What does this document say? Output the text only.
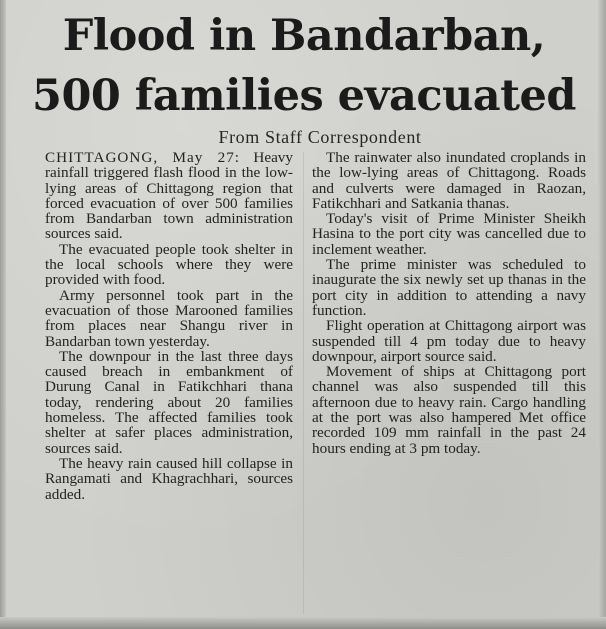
Flood in Bandarban,
500 families evacuated
From Staff Correspondent

CHITTAGONG, May 27: Heavy rainfall triggered flash flood in the low-lying areas of Chittagong region that forced evacuation of over 500 families from Bandarban town administration sources said.

The evacuated people took shelter in the local schools where they were provided with food.

Army personnel took part in the evacuation of those Marooned families from places near Shangu river in Bandarban town yesterday.

The downpour in the last three days caused breach in embankment of Durung Canal in Fatikchhari thana today, rendering about 20 families homeless. The affected families took shelter at safer places administration, sources said.

The heavy rain caused hill collapse in Rangamati and Khagrachhari, sources added.

The rainwater also inundated croplands in the low-lying areas of Chittagong. Roads and culverts were damaged in Raozan, Fatikchhari and Satkania thanas.

Today's visit of Prime Minister Sheikh Hasina to the port city was cancelled due to inclement weather.

The prime minister was scheduled to inaugurate the six newly set up thanas in the port city in addition to attending a navy function.

Flight operation at Chittagong airport was suspended till 4 pm today due to heavy downpour, airport source said.

Movement of ships at Chittagong port channel was also suspended till this afternoon due to heavy rain. Cargo handling at the port was also hampered Met office recorded 109 mm rainfall in the past 24 hours ending at 3 pm today.
